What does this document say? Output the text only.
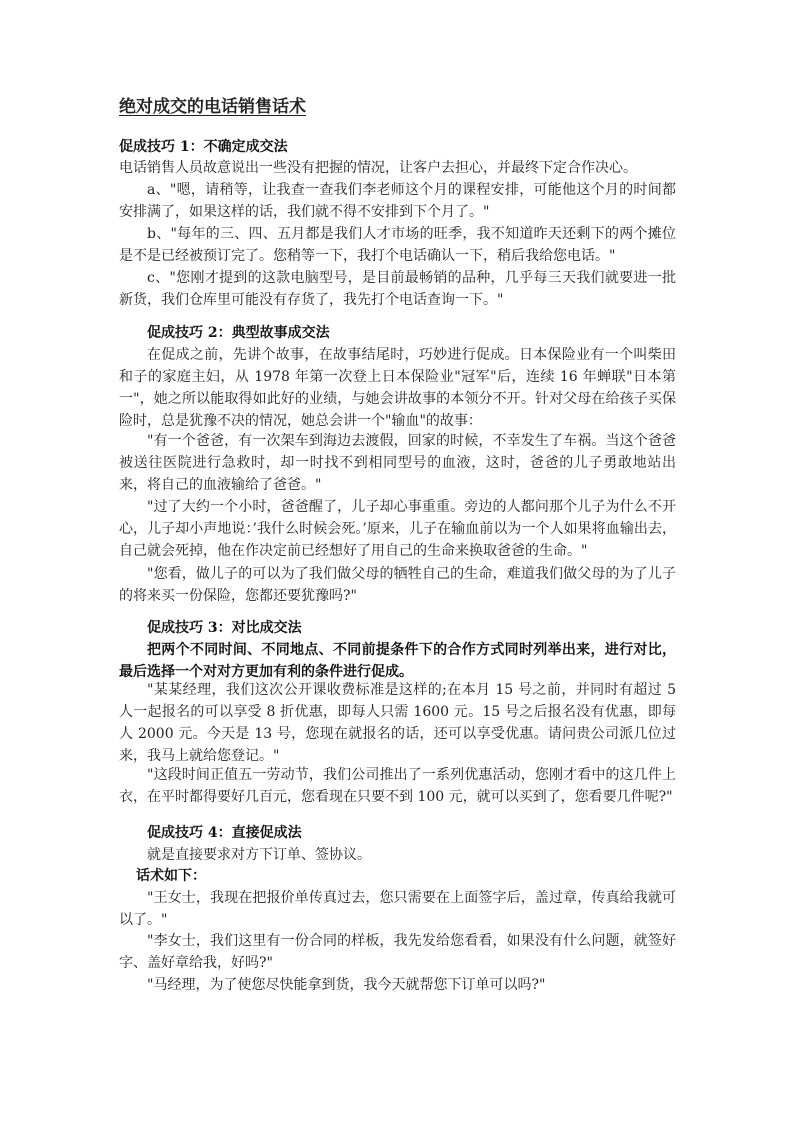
绝对成交的电话销售话术

促成技巧 1：不确定成交法

电话销售人员故意说出一些没有把握的情况，让客户去担心，并最终下定合作决心。

a、"嗯，请稍等，让我查一查我们李老师这个月的课程安排，可能他这个月的时间都安排满了，如果这样的话，我们就不得不安排到下个月了。"

b、"每年的三、四、五月都是我们人才市场的旺季，我不知道昨天还剩下的两个摊位是不是已经被预订完了。您稍等一下，我打个电话确认一下，稍后我给您电话。"

c、"您刚才提到的这款电脑型号，是目前最畅销的品种，几乎每三天我们就要进一批新货，我们仓库里可能没有存货了，我先打个电话查询一下。"

促成技巧 2：典型故事成交法

在促成之前，先讲个故事，在故事结尾时，巧妙进行促成。日本保险业有一个叫柴田和子的家庭主妇，从 1978 年第一次登上日本保险业"冠军"后，连续 16 年蝉联"日本第一"，她之所以能取得如此好的业绩，与她会讲故事的本领分不开。针对父母在给孩子买保险时，总是犹豫不决的情况，她总会讲一个"输血"的故事：

"有一个爸爸，有一次架车到海边去渡假，回家的时候，不幸发生了车祸。当这个爸爸被送往医院进行急救时，却一时找不到相同型号的血液，这时，爸爸的儿子勇敢地站出来，将自己的血液输给了爸爸。"

"过了大约一个小时，爸爸醒了，儿子却心事重重。旁边的人都问那个儿子为什么不开心，儿子却小声地说：’我什么时候会死。’原来，儿子在输血前以为一个人如果将血输出去，自己就会死掉，他在作决定前已经想好了用自己的生命来换取爸爸的生命。"

"您看，做儿子的可以为了我们做父母的牺牲自己的生命，难道我们做父母的为了儿子的将来买一份保险，您都还要犹豫吗?"

促成技巧 3：对比成交法

把两个不同时间、不同地点、不同前提条件下的合作方式同时列举出来，进行对比，最后选择一个对对方更加有利的条件进行促成。

"某某经理，我们这次公开课收费标准是这样的;在本月 15 号之前，并同时有超过 5 人一起报名的可以享受 8 折优惠，即每人只需 1600 元。15 号之后报名没有优惠，即每人 2000 元。今天是 13 号，您现在就报名的话，还可以享受优惠。请问贵公司派几位过来，我马上就给您登记。"

"这段时间正值五一劳动节，我们公司推出了一系列优惠活动，您刚才看中的这几件上衣，在平时都得要好几百元，您看现在只要不到 100 元，就可以买到了，您看要几件呢?"

促成技巧 4：直接促成法

就是直接要求对方下订单、签协议。

话术如下：

"王女士，我现在把报价单传真过去，您只需要在上面签字后，盖过章，传真给我就可以了。"

"李女士，我们这里有一份合同的样板，我先发给您看看，如果没有什么问题，就签好字、盖好章给我，好吗?"

"马经理，为了使您尽快能拿到货，我今天就帮您下订单可以吗?"
